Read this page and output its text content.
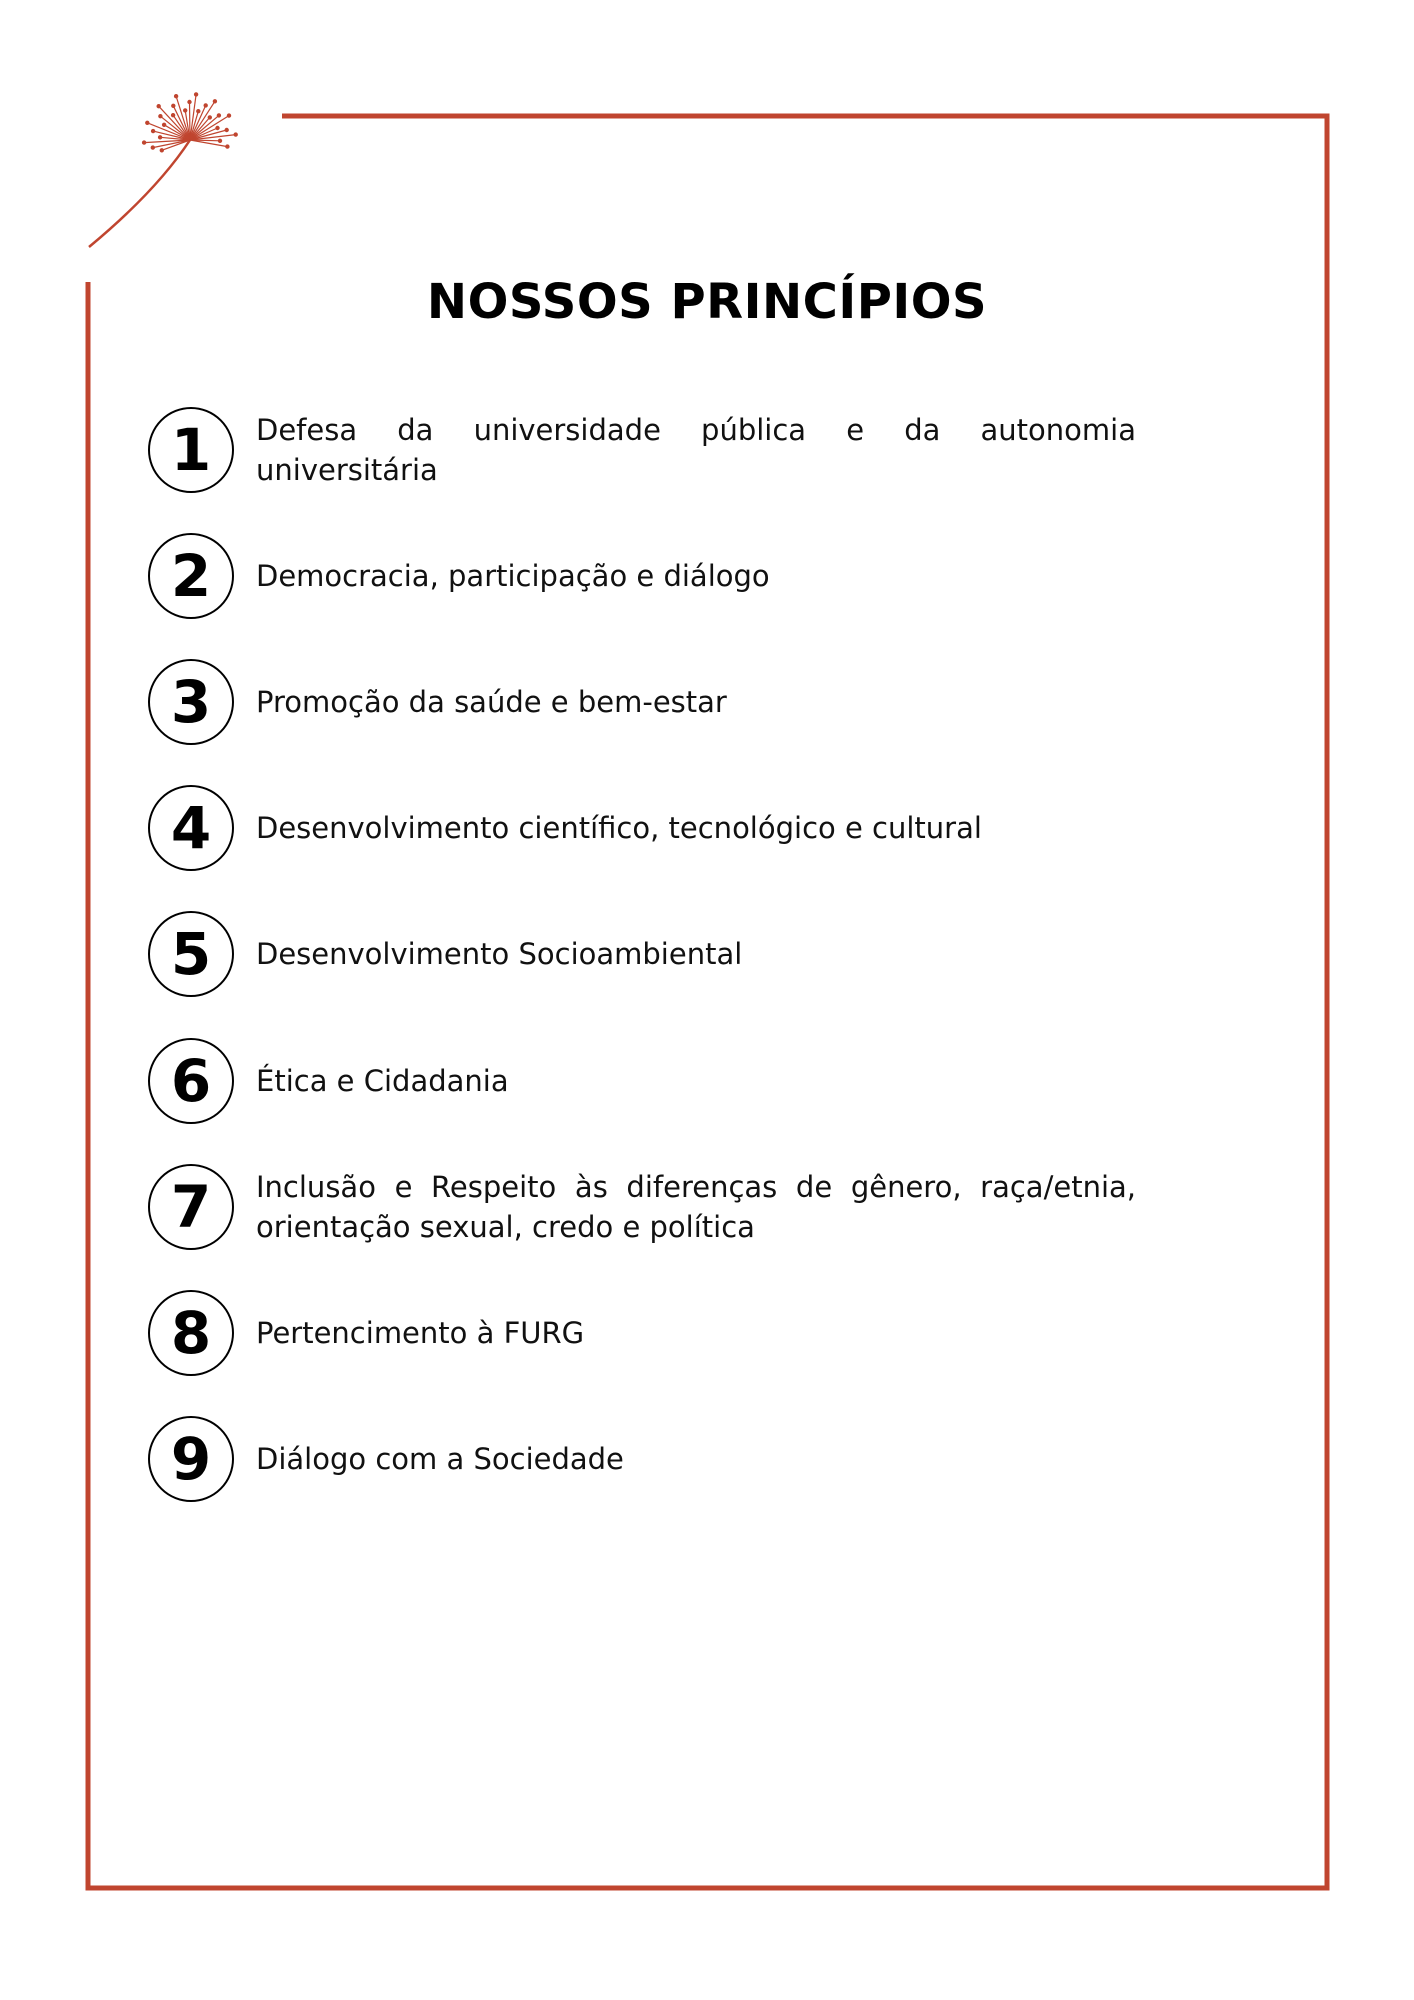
NOSSOS PRINCÍPIOS
1	Defesa da universidade pública e da autonomia universitária
2	Democracia, participação e diálogo
3	Promoção da saúde e bem-estar
4	Desenvolvimento científico, tecnológico e cultural
5	Desenvolvimento Socioambiental
6	Ética e Cidadania
7	Inclusão e Respeito às diferenças de gênero, raça/etnia, orientação sexual, credo e política
8	Pertencimento à FURG
9	Diálogo com a Sociedade
